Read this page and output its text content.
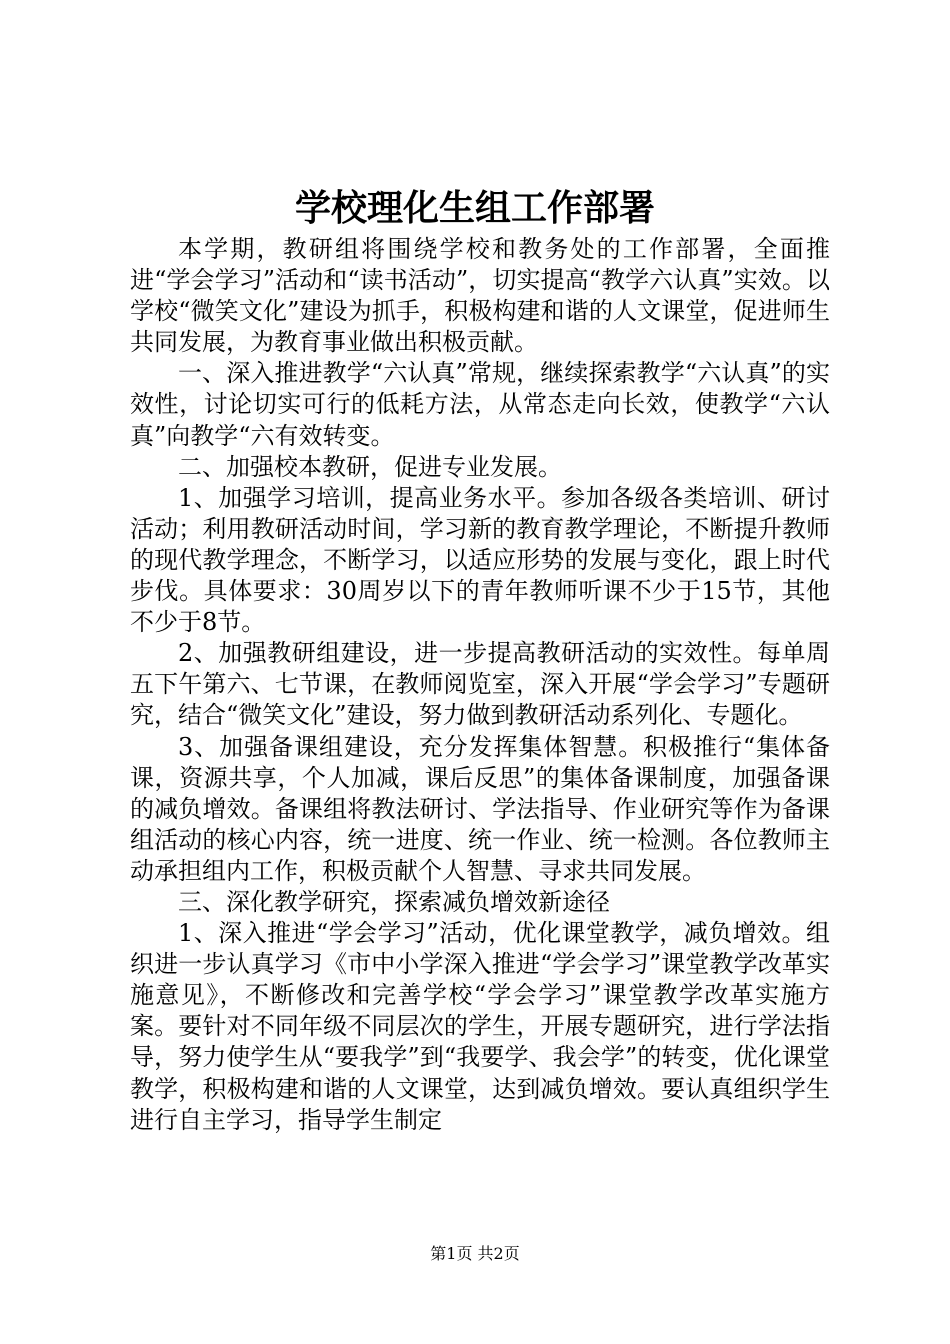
学校理化生组工作部署

本学期，教研组将围绕学校和教务处的工作部署，全面推进“学会学习”活动和“读书活动”，切实提高“教学六认真”实效。以学校“微笑文化”建设为抓手，积极构建和谐的人文课堂，促进师生共同发展，为教育事业做出积极贡献。

一、深入推进教学“六认真”常规，继续探索教学“六认真”的实效性，讨论切实可行的低耗方法，从常态走向长效，使教学“六认真”向教学“六有效转变。

二、加强校本教研，促进专业发展。

1、加强学习培训，提高业务水平。参加各级各类培训、研讨活动；利用教研活动时间，学习新的教育教学理论，不断提升教师的现代教学理念，不断学习，以适应形势的发展与变化，跟上时代步伐。具体要求：30周岁以下的青年教师听课不少于15节，其他不少于8节。

2、加强教研组建设，进一步提高教研活动的实效性。每单周五下午第六、七节课，在教师阅览室，深入开展“学会学习”专题研究，结合“微笑文化”建设，努力做到教研活动系列化、专题化。

3、加强备课组建设，充分发挥集体智慧。积极推行“集体备课，资源共享，个人加减，课后反思”的集体备课制度，加强备课的减负增效。备课组将教法研讨、学法指导、作业研究等作为备课组活动的核心内容，统一进度、统一作业、统一检测。各位教师主动承担组内工作，积极贡献个人智慧、寻求共同发展。

三、深化教学研究，探索减负增效新途径

1、深入推进“学会学习”活动，优化课堂教学，减负增效。组织进一步认真学习《市中小学深入推进“学会学习”课堂教学改革实施意见》，不断修改和完善学校“学会学习”课堂教学改革实施方案。要针对不同年级不同层次的学生，开展专题研究，进行学法指导，努力使学生从“要我学”到“我要学、我会学”的转变，优化课堂教学，积极构建和谐的人文课堂，达到减负增效。要认真组织学生进行自主学习，指导学生制定

第1页 共2页
